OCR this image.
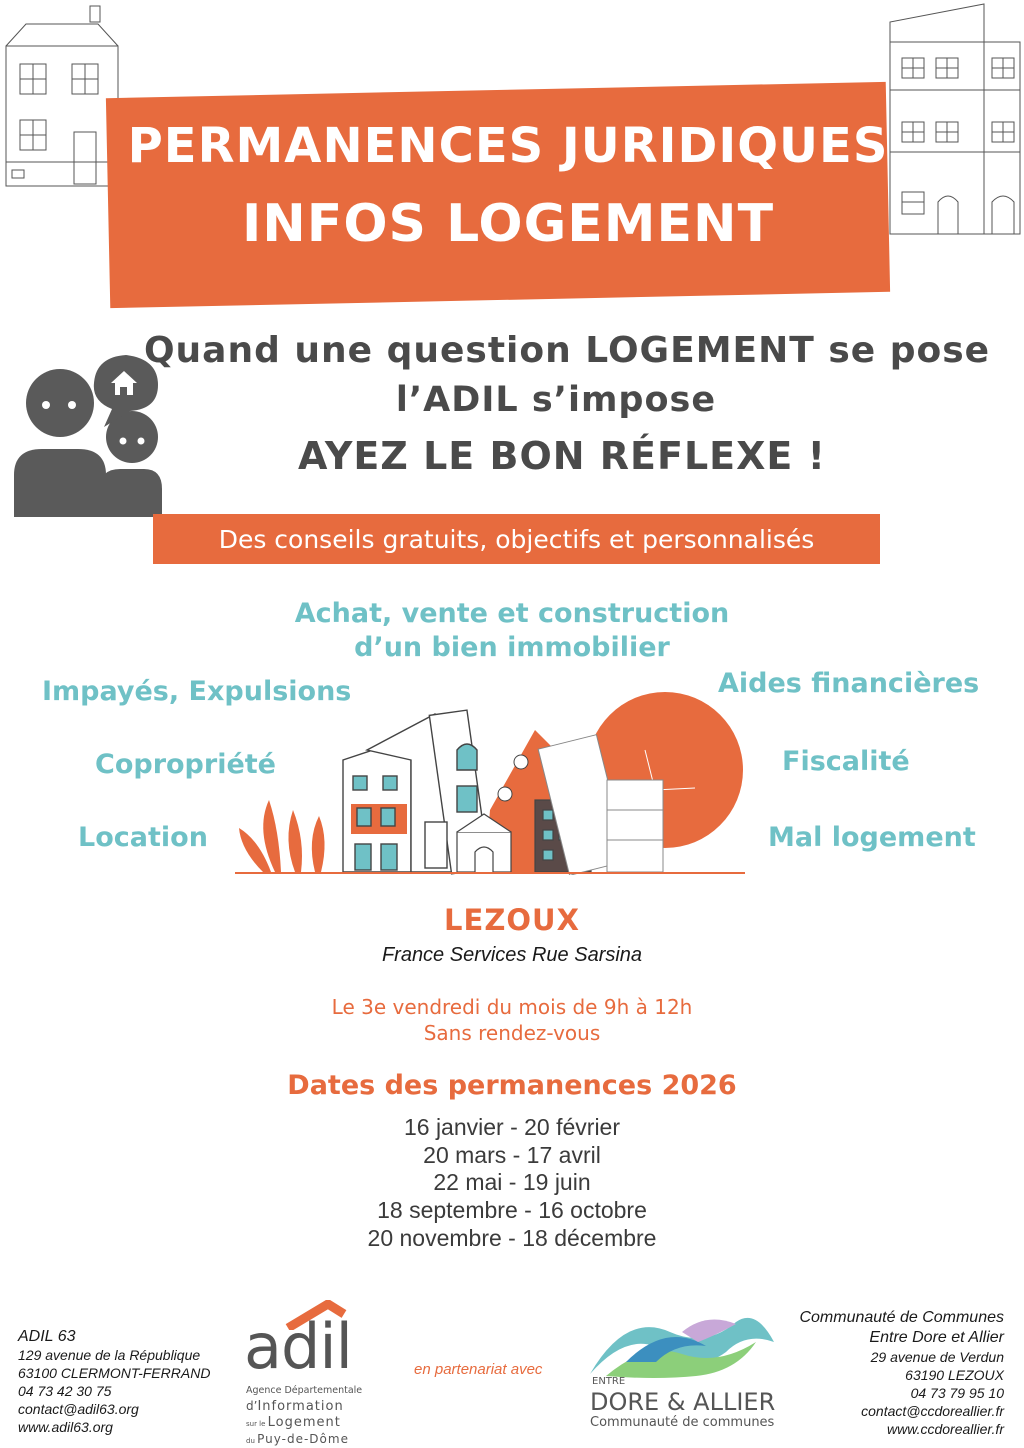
PERMANENCES JURIDIQUES
INFOS LOGEMENT
Quand une question LOGEMENT se pose
l’ADIL s’impose
AYEZ LE BON RÉFLEXE !
Des conseils gratuits, objectifs et personnalisés
Achat, vente et construction
d’un bien immobilier
Impayés, Expulsions	Aides financières
Copropriété	Fiscalité
Location	Mal logement
LEZOUX
France Services Rue Sarsina
Le 3e vendredi du mois de 9h à 12h
Sans rendez-vous
Dates des permanences 2026
16 janvier - 20 février
20 mars - 17 avril
22 mai - 19 juin
18 septembre - 16 octobre
20 novembre - 18 décembre
ADIL 63
129 avenue de la République
63100 CLERMONT-FERRAND
04 73 42 30 75
contact@adil63.org
www.adil63.org
adil
Agence Départementale
d’Information
sur le Logement
du Puy-de-Dôme
en partenariat avec
ENTRE
DORE & ALLIER
Communauté de communes
Communauté de Communes
Entre Dore et Allier
29 avenue de Verdun
63190 LEZOUX
04 73 79 95 10
contact@ccdoreallier.fr
www.ccdoreallier.fr
